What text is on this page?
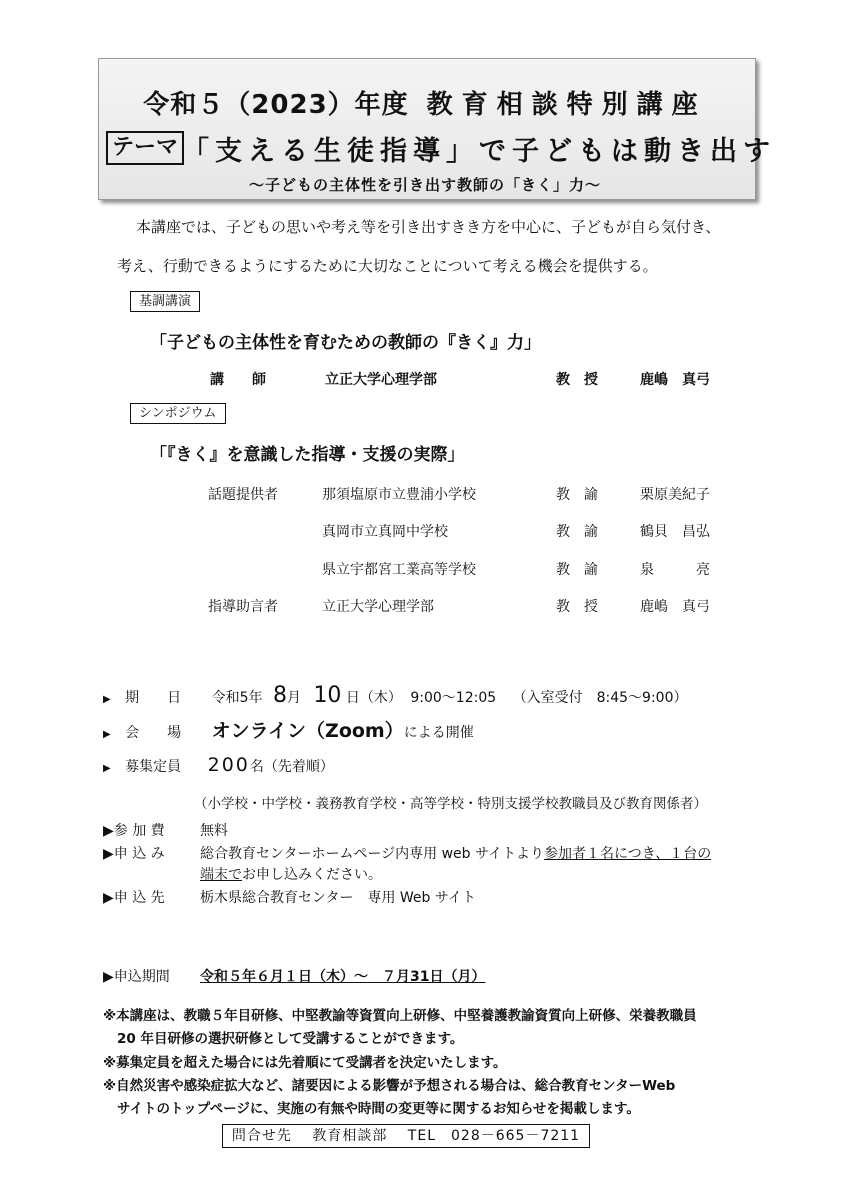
令和５（2023）年度 教育相談特別講座
テーマ 「支える生徒指導」で子どもは動き出す
～子どもの主体性を引き出す教師の「きく」力～
本講座では、子どもの思いや考え等を引き出すきき方を中心に、子どもが自ら気付き、
考え、行動できるようにするために大切なことについて考える機会を提供する。
基調講演
「子どもの主体性を育むための教師の『きく』力」
講　　師	立正大学心理学部	教　授	鹿嶋　真弓
シンポジウム
「『きく』を意識した指導・支援の実際」
話題提供者	那須塩原市立豊浦小学校	教　諭	栗原美紀子
真岡市立真岡中学校	教　諭	鶴貝　昌弘
県立宇都宮工業高等学校	教　諭	泉　　　亮
指導助言者	立正大学心理学部	教　授	鹿嶋　真弓
▶ 期　　日 令和5年 8月 10 日（木） 9:00～12:05 （入室受付　8:45～9:00）
▶ 会　　場 オンライン（Zoom）による開催
▶ 募集定員 200名（先着順）
（小学校・中学校・義務教育学校・高等学校・特別支援学校教職員及び教育関係者）
▶参 加 費	無料
▶申 込 み	総合教育センターホームページ内専用 web サイトより参加者１名につき、１台の
端末でお申し込みください。
▶申 込 先	栃木県総合教育センター　専用 Web サイト
▶申込期間 令和５年６月１日（木）～　７月31日（月）
※本講座は、教職５年目研修、中堅教諭等資質向上研修、中堅養護教諭資質向上研修、栄養教職員
20 年目研修の選択研修として受講することができます。
※募集定員を超えた場合には先着順にて受講者を決定いたします。
※自然災害や感染症拡大など、諸要因による影響が予想される場合は、総合教育センターWeb
サイトのトップページに、実施の有無や時間の変更等に関するお知らせを掲載します。
問合せ先　 教育相談部　 TEL　028－665－7211
